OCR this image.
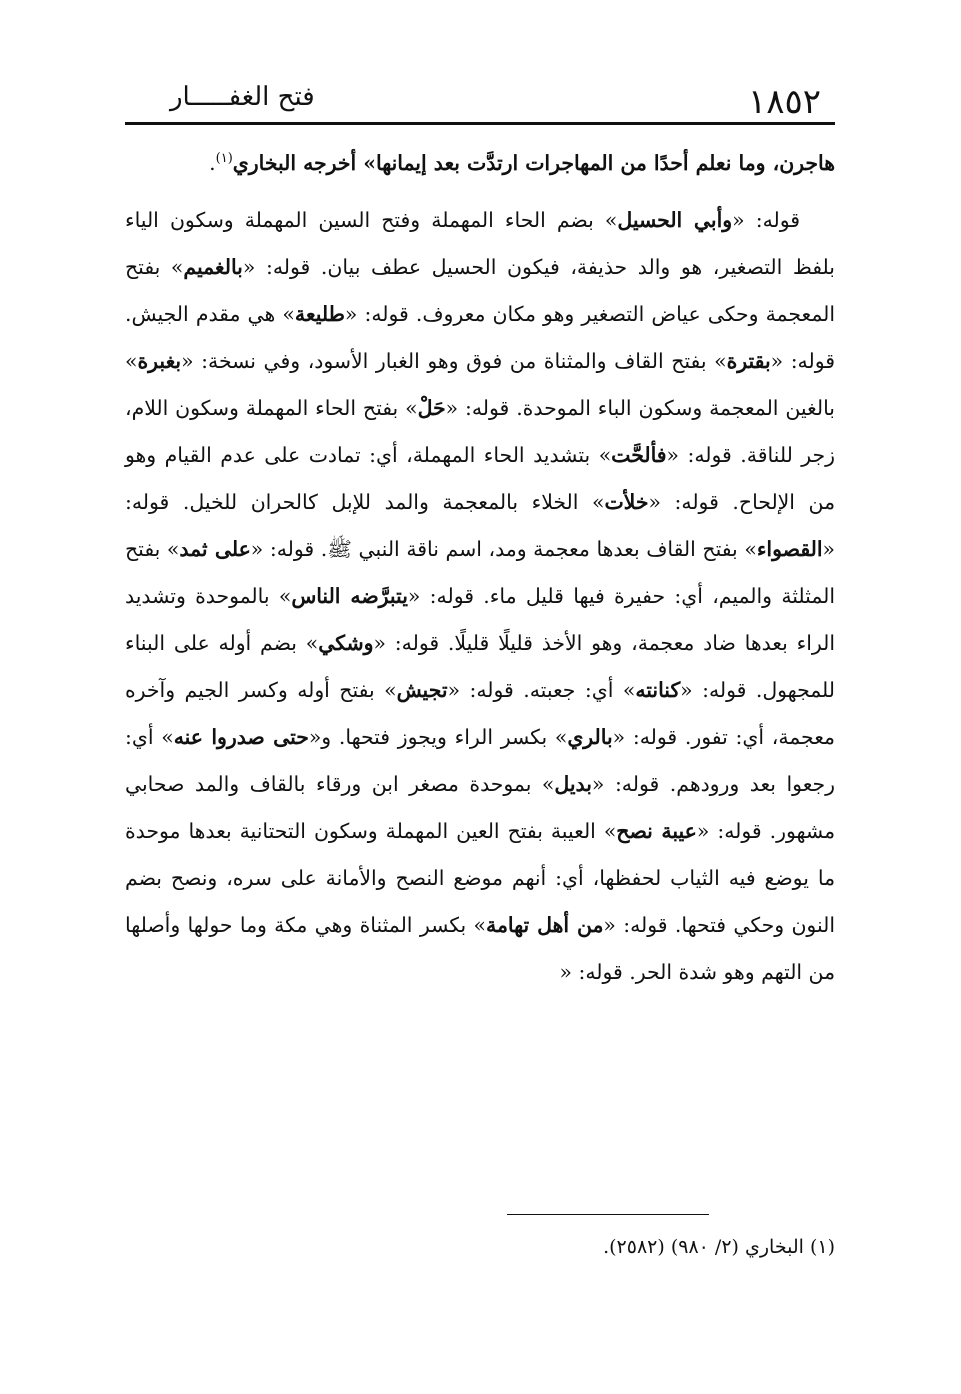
١٨٥٢
فتح الغفـــــار

هاجرن، وما نعلم أحدًا من المهاجرات ارتدَّت بعد إيمانها» أخرجه البخاري$^{(١)}$.

قوله: «وأبي الحسيل» بضم الحاء المهملة وفتح السين المهملة وسكون الياء بلفظ التصغير، هو والد حذيفة، فيكون الحسيل عطف بيان. قوله: «بالغميم» بفتح المعجمة وحكى عياض التصغير وهو مكان معروف. قوله: «طليعة» هي مقدم الجيش. قوله: «بقترة» بفتح القاف والمثناة من فوق وهو الغبار الأسود، وفي نسخة: «بغبرة» بالغين المعجمة وسكون الباء الموحدة. قوله: «حَلْ» بفتح الحاء المهملة وسكون اللام، زجر للناقة. قوله: «فألحَّت» بتشديد الحاء المهملة، أي: تمادت على عدم القيام وهو من الإلحاح. قوله: «خلأت» الخلاء بالمعجمة والمد للإبل كالحران للخيل. قوله: «القصواء» بفتح القاف بعدها معجمة ومد، اسم ناقة النبي ﷺ. قوله: «على ثمد» بفتح المثلثة والميم، أي: حفيرة فيها قليل ماء. قوله: «يتبرَّضه الناس» بالموحدة وتشديد الراء بعدها ضاد معجمة، وهو الأخذ قليلًا قليلًا. قوله: «وشكي» بضم أوله على البناء للمجهول. قوله: «كنانته» أي: جعبته. قوله: «تجيش» بفتح أوله وكسر الجيم وآخره معجمة، أي: تفور. قوله: «بالري» بكسر الراء ويجوز فتحها. و«حتى صدروا عنه» أي: رجعوا بعد ورودهم. قوله: «بديل» بموحدة مصغر ابن ورقاء بالقاف والمد صحابي مشهور. قوله: «عيبة نصح» العيبة بفتح العين المهملة وسكون التحتانية بعدها موحدة ما يوضع فيه الثياب لحفظها، أي: أنهم موضع النصح والأمانة على سره، ونصح بضم النون وحكي فتحها. قوله: «من أهل تهامة» بكسر المثناة وهي مكة وما حولها وأصلها من التهم وهو شدة الحر. قوله: «

(١) البخاري (٢/ ٩٨٠) (٢٥٨٢).
